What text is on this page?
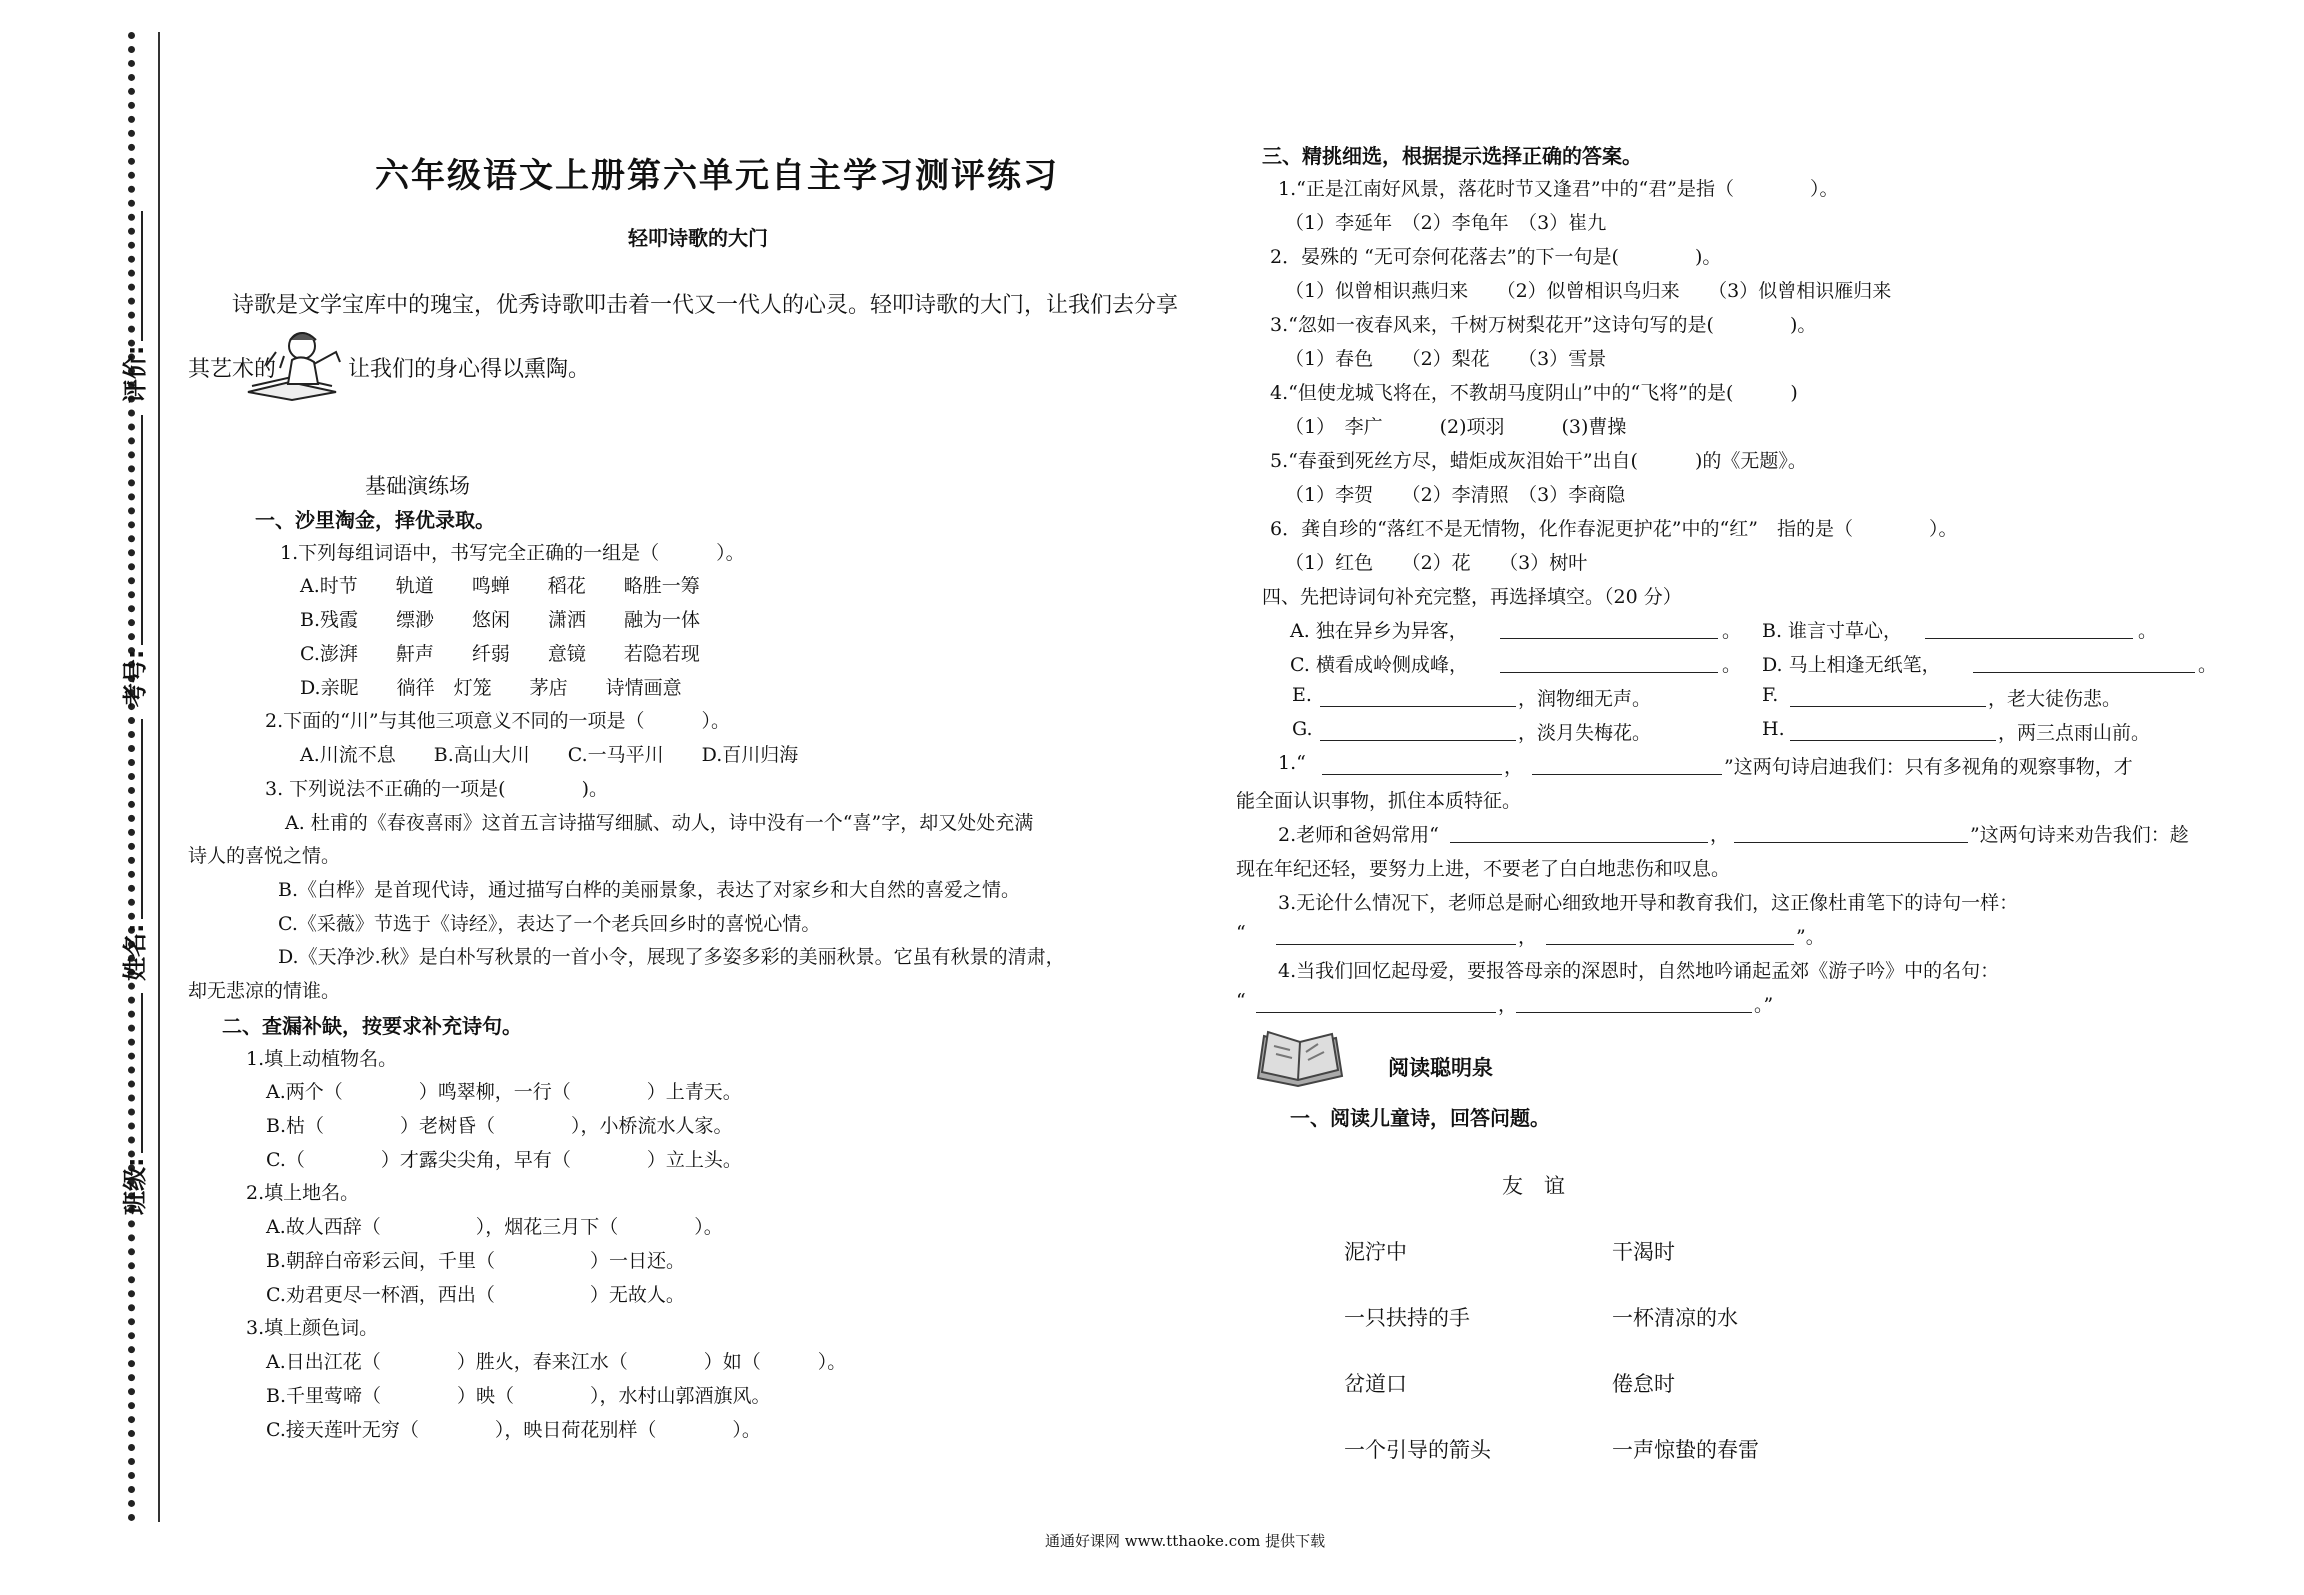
班级: 姓名: 考号: 评价:
六年级语文上册第六单元自主学习测评练习
轻叩诗歌的大门
诗歌是文学宝库中的瑰宝，优秀诗歌叩击着一代又一代人的心灵。轻叩诗歌的大门，让我们去分享
其艺术的	让我们的身心得以熏陶。
基础演练场
一、沙里淘金，择优录取。
1.下列每组词语中，书写完全正确的一组是（　　　）。
A.时节　　轨道　　鸣蝉　　稻花　　略胜一筹
B.残霞　　缥渺　　悠闲　　潇洒　　融为一体
C.澎湃　　鼾声　　纤弱　　意镜　　若隐若现
D.亲昵　　徜徉　灯笼　　茅店　　诗情画意
2.下面的“川”与其他三项意义不同的一项是（　　　）。
A.川流不息　　B.高山大川　　C.一马平川　　D.百川归海
3. 下列说法不正确的一项是(　　　　)。
A. 杜甫的《春夜喜雨》这首五言诗描写细腻、动人，诗中没有一个“喜”字，却又处处充满
诗人的喜悦之情。
B.《白桦》是首现代诗，通过描写白桦的美丽景象，表达了对家乡和大自然的喜爱之情。
C.《采薇》节选于《诗经》，表达了一个老兵回乡时的喜悦心情。
D.《天净沙.秋》是白朴写秋景的一首小令，展现了多姿多彩的美丽秋景。它虽有秋景的清肃，
却无悲凉的情谁。
二、查漏补缺，按要求补充诗句。
1.填上动植物名。
A.两个（　　　　）鸣翠柳，一行（　　　　）上青天。
B.枯（　　　　）老树昏（　　　　），小桥流水人家。
C.（　　　　）才露尖尖角，早有（　　　　）立上头。
2.填上地名。
A.故人西辞（　　　　　），烟花三月下（　　　　）。
B.朝辞白帝彩云间，千里（　　　　　）一日还。
C.劝君更尽一杯酒，西出（　　　　　）无故人。
3.填上颜色词。
A.日出江花（　　　　）胜火，春来江水（　　　　）如（　　　）。
B.千里莺啼（　　　　）映（　　　　），水村山郭酒旗风。
C.接天莲叶无穷（　　　　），映日荷花别样（　　　　）。
三、精挑细选，根据提示选择正确的答案。
1.“正是江南好风景，落花时节又逢君”中的“君”是指（　　　　）。
（1）李延年　（2）李龟年　（3）崔九
2．晏殊的 “无可奈何花落去”的下一句是(　　　　)。
（1）似曾相识燕归来　　（2）似曾相识鸟归来　　（3）似曾相识雁归来
3.“忽如一夜春风来，千树万树梨花开”这诗句写的是(　　　　)。
（1）春色　　（2）梨花　　（3）雪景
4.“但使龙城飞将在，不教胡马度阴山”中的“飞将”的是(　　　)
（1）　李广　　　(2)项羽　　　(3)曹操
5.“春蚕到死丝方尽，蜡炬成灰泪始干”出自(　　　)的《无题》。
（1）李贺　　（2）李清照　（3）李商隐
6．龚自珍的“落红不是无情物，化作春泥更护花”中的“红”　指的是（　　　　）。
（1）红色　　（2）花　　（3）树叶
四、先把诗词句补充完整，再选择填空。（20 分）
A. 独在异乡为异客，	。 B. 谁言寸草心，	。
C. 横看成岭侧成峰，	。 D. 马上相逢无纸笔，	。
E.	，润物细无声。	F.	，老大徒伤悲。
G.	，淡月失梅花。	H.	，两三点雨山前。
1.“	，	”这两句诗启迪我们：只有多视角的观察事物，才
能全面认识事物，抓住本质特征。
2.老师和爸妈常用“	，	”这两句诗来劝告我们：趁
现在年纪还轻，要努力上进，不要老了白白地悲伤和叹息。
3.无论什么情况下，老师总是耐心细致地开导和教育我们，这正像杜甫笔下的诗句一样：
“	，	”。
4.当我们回忆起母爱，要报答母亲的深恩时，自然地吟诵起孟郊《游子吟》中的名句：
“	，	。”
阅读聪明泉
一、阅读儿童诗，回答问题。
友　谊
泥泞中	干渴时
一只扶持的手	一杯清凉的水
岔道口	倦怠时
一个引导的箭头	一声惊蛰的春雷
通通好课网 www.tthaoke.com 提供下载
